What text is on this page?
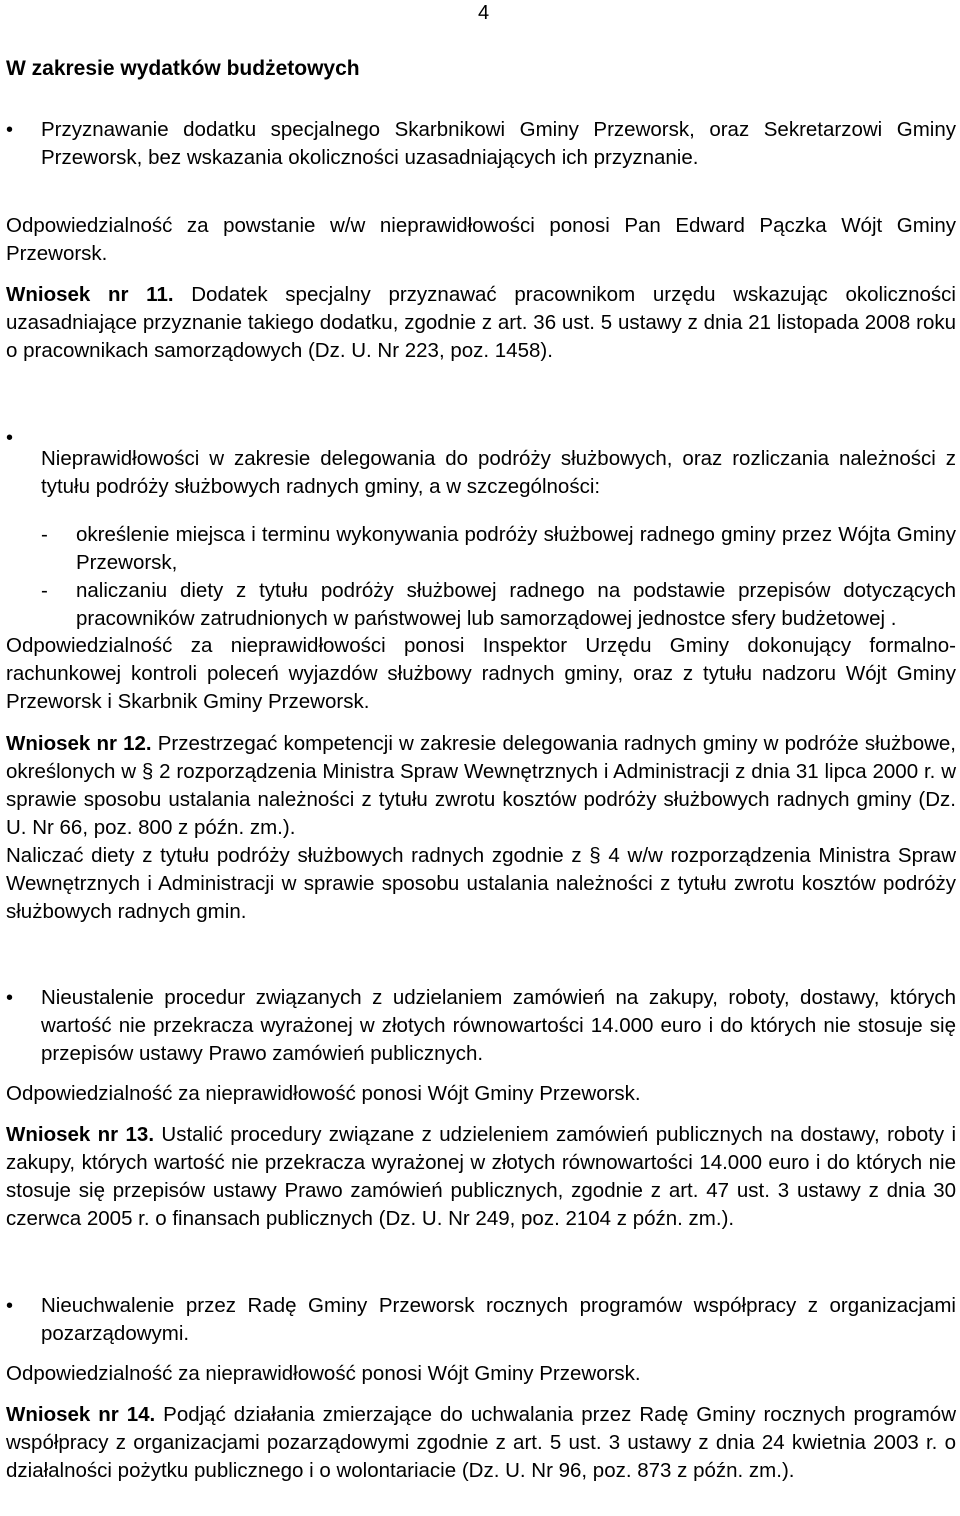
4
W zakresie wydatków budżetowych
• Przyznawanie dodatku specjalnego Skarbnikowi Gminy Przeworsk, oraz Sekretarzowi Gminy Przeworsk, bez wskazania okoliczności uzasadniających ich przyznanie.
Odpowiedzialność za powstanie w/w nieprawidłowości ponosi Pan Edward Pączka Wójt Gminy Przeworsk.
Wniosek nr 11. Dodatek specjalny przyznawać pracownikom urzędu wskazując okoliczności uzasadniające przyznanie takiego dodatku, zgodnie z art. 36 ust. 5 ustawy z dnia 21 listopada 2008 roku o pracownikach samorządowych (Dz. U. Nr 223, poz. 1458).
•

Nieprawidłowości w zakresie delegowania do podróży służbowych, oraz rozliczania należności z tytułu podróży służbowych radnych gminy, a w szczególności:

- określenie miejsca i terminu wykonywania podróży służbowej radnego gminy przez Wójta Gminy Przeworsk,
- naliczaniu diety z tytułu podróży służbowej radnego na podstawie przepisów dotyczących pracowników zatrudnionych w państwowej lub samorządowej jednostce sfery budżetowej .
Odpowiedzialność za nieprawidłowości ponosi Inspektor Urzędu Gminy dokonujący formalno-rachunkowej kontroli poleceń wyjazdów służbowy radnych gminy, oraz z tytułu nadzoru Wójt Gminy Przeworsk i Skarbnik Gminy Przeworsk.

Wniosek nr 12. Przestrzegać kompetencji w zakresie delegowania radnych gminy w podróże służbowe, określonych w § 2 rozporządzenia Ministra Spraw Wewnętrznych i Administracji z dnia 31 lipca 2000 r. w sprawie sposobu ustalania należności z tytułu zwrotu kosztów podróży służbowych radnych gminy (Dz. U. Nr 66, poz. 800 z późn. zm.).

Naliczać diety z tytułu podróży służbowych radnych zgodnie z § 4 w/w rozporządzenia Ministra Spraw Wewnętrznych i Administracji w sprawie sposobu ustalania należności z tytułu zwrotu kosztów podróży służbowych radnych gmin.

• Nieustalenie procedur związanych z udzielaniem zamówień na zakupy, roboty, dostawy, których wartość nie przekracza wyrażonej w złotych równowartości 14.000 euro i do których nie stosuje się przepisów ustawy Prawo zamówień publicznych.
Odpowiedzialność za nieprawidłowość ponosi Wójt Gminy Przeworsk.
Wniosek nr 13. Ustalić procedury związane z udzieleniem zamówień publicznych na dostawy, roboty i zakupy, których wartość nie przekracza wyrażonej w złotych równowartości 14.000 euro i do których nie stosuje się przepisów ustawy Prawo zamówień publicznych, zgodnie z art. 47 ust. 3 ustawy z dnia 30 czerwca 2005 r. o finansach publicznych (Dz. U. Nr 249, poz. 2104 z późn. zm.).
• Nieuchwalenie przez Radę Gminy Przeworsk rocznych programów współpracy z organizacjami pozarządowymi.
Odpowiedzialność za nieprawidłowość ponosi Wójt Gminy Przeworsk.
Wniosek nr 14. Podjąć działania zmierzające do uchwalania przez Radę Gminy rocznych programów współpracy z organizacjami pozarządowymi zgodnie z art. 5 ust. 3 ustawy z dnia 24 kwietnia 2003 r. o działalności pożytku publicznego i o wolontariacie (Dz. U. Nr 96, poz. 873 z późn. zm.).
